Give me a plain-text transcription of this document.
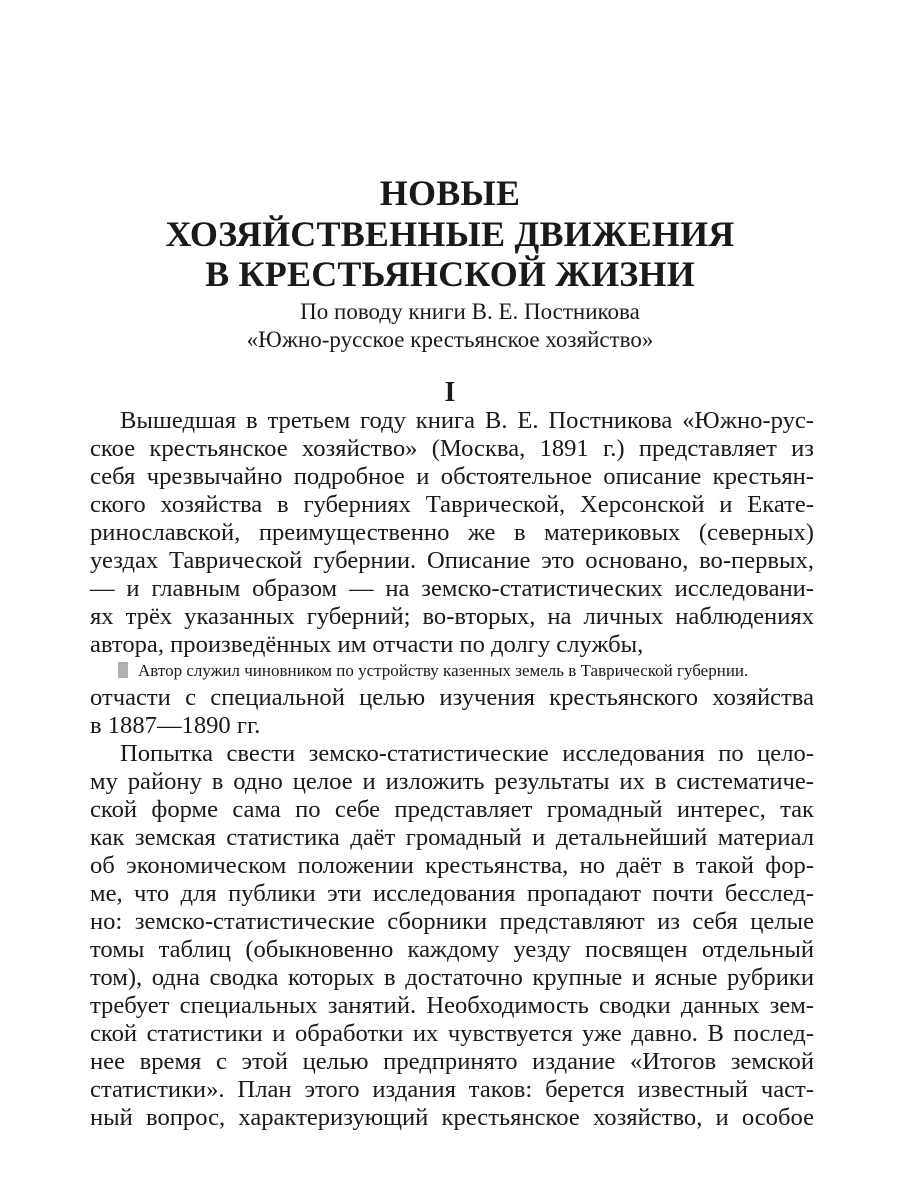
НОВЫЕ
ХОЗЯЙСТВЕННЫЕ ДВИЖЕНИЯ
В КРЕСТЬЯНСКОЙ ЖИЗНИ
По поводу книги В. Е. Постникова
«Южно-русское крестьянское хозяйство»
I
Вышедшая в третьем году книга В. Е. Постникова «Южно-рус-
ское крестьянское хозяйство» (Москва, 1891 г.) представляет из
себя чрезвычайно подробное и обстоятельное описание крестьян-
ского хозяйства в губерниях Таврической, Херсонской и Екате-
ринославской, преимущественно же в материковых (северных)
уездах Таврической губернии. Описание это основано, во-первых,
— и главным образом — на земско-статистических исследовани-
ях трёх указанных губерний; во-вторых, на личных наблюдениях
автора, произведённых им отчасти по долгу службы,
Автор служил чиновником по устройству казенных земель в Таврической губернии.
отчасти с специальной целью изучения крестьянского хозяйства
в 1887—1890 гг.
Попытка свести земско-статистические исследования по цело-
му району в одно целое и изложить результаты их в систематиче-
ской форме сама по себе представляет громадный интерес, так
как земская статистика даёт громадный и детальнейший материал
об экономическом положении крестьянства, но даёт в такой фор-
ме, что для публики эти исследования пропадают почти бесслед-
но: земско-статистические сборники представляют из себя целые
томы таблиц (обыкновенно каждому уезду посвящен отдельный
том), одна сводка которых в достаточно крупные и ясные рубрики
требует специальных занятий. Необходимость сводки данных зем-
ской статистики и обработки их чувствуется уже давно. В послед-
нее время с этой целью предпринято издание «Итогов земской
статистики». План этого издания таков: берется известный част-
ный вопрос, характеризующий крестьянское хозяйство, и особое
